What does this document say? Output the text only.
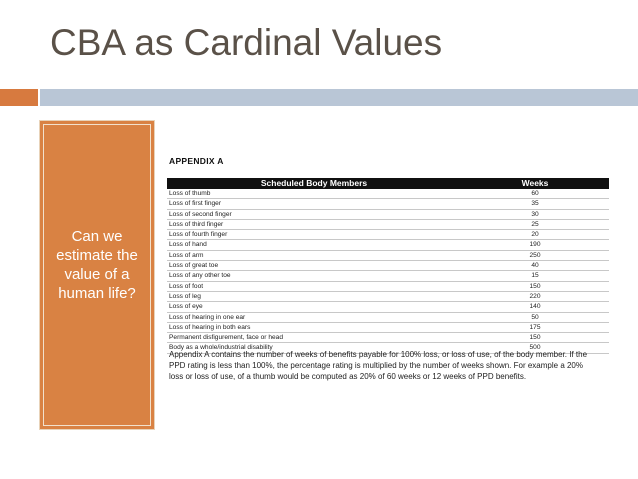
CBA as Cardinal Values
Can we estimate the value of a human life?
APPENDIX A
Scheduled Body Members	Weeks
Loss of thumb	60
Loss of first finger	35
Loss of second finger	30
Loss of third finger	25
Loss of fourth finger	20
Loss of hand	190
Loss of arm	250
Loss of great toe	40
Loss of any other toe	15
Loss of foot	150
Loss of leg	220
Loss of eye	140
Loss of hearing in one ear	50
Loss of hearing in both ears	175
Permanent disfigurement, face or head	150
Body as a whole/industrial disability	500
Appendix A contains the number of weeks of benefits payable for 100% loss, or loss of use, of the body member. If the PPD rating is less than 100%, the percentage rating is multiplied by the number of weeks shown. For example a 20% loss or loss of use, of a thumb would be computed as 20% of 60 weeks or 12 weeks of PPD benefits.
